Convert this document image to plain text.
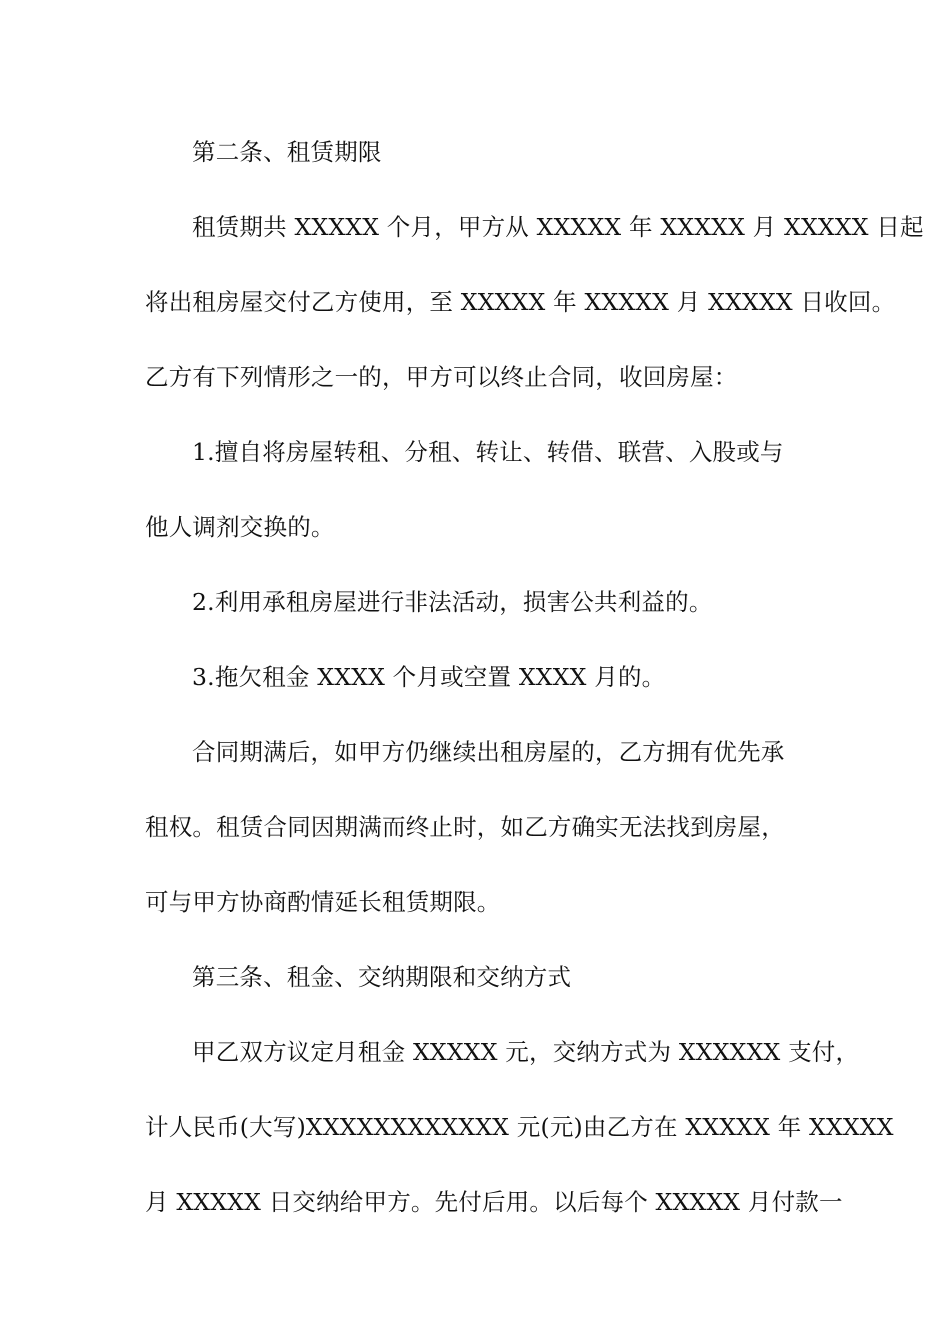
第二条、租赁期限
租赁期共 XXXXX 个月，甲方从 XXXXX 年 XXXXX 月 XXXXX 日起
将出租房屋交付乙方使用，至 XXXXX 年 XXXXX 月 XXXXX 日收回。
乙方有下列情形之一的，甲方可以终止合同，收回房屋：
1.擅自将房屋转租、分租、转让、转借、联营、入股或与
他人调剂交换的。
2.利用承租房屋进行非法活动，损害公共利益的。
3.拖欠租金 XXXX 个月或空置 XXXX 月的。
合同期满后，如甲方仍继续出租房屋的，乙方拥有优先承
租权。租赁合同因期满而终止时，如乙方确实无法找到房屋，
可与甲方协商酌情延长租赁期限。
第三条、租金、交纳期限和交纳方式
甲乙双方议定月租金 XXXXX 元，交纳方式为 XXXXXX 支付，
计人民币(大写)XXXXXXXXXXXX 元(元)由乙方在 XXXXX 年 XXXXX
月 XXXXX 日交纳给甲方。先付后用。以后每个 XXXXX 月付款一
